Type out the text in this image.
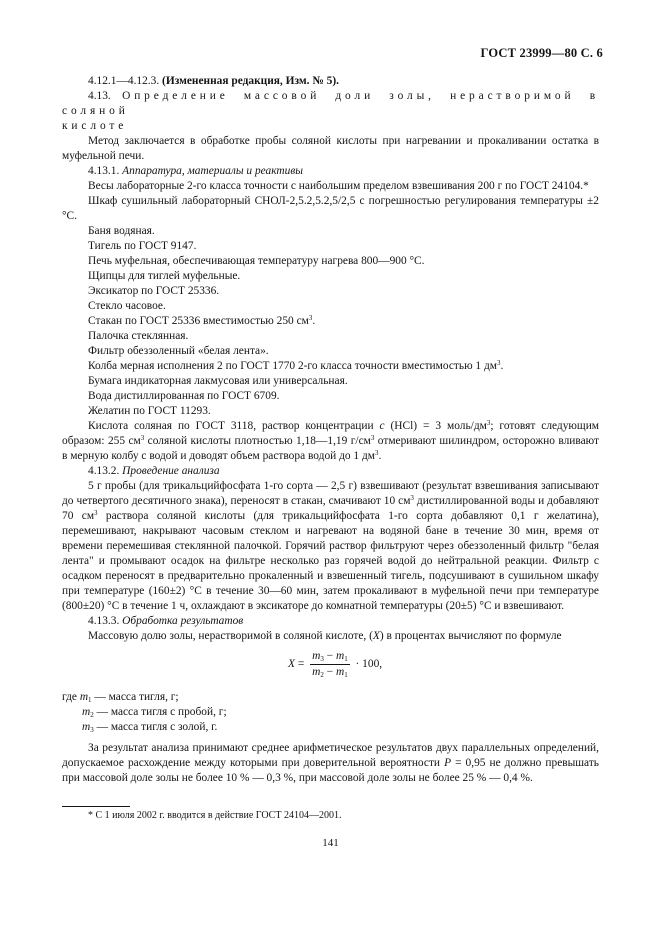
ГОСТ 23999—80 С. 6

4.12.1—4.12.3. (Измененная редакция, Изм. № 5).

4.13. Определение массовой доли золы, нерастворимой в соляной

кислоте

Метод заключается в обработке пробы соляной кислоты при нагревании и прокаливании остатка в муфельной печи.

4.13.1. Аппаратура, материалы и реактивы

Весы лабораторные 2-го класса точности с наибольшим пределом взвешивания 200 г по ГОСТ 24104.*

Шкаф сушильный лабораторный СНОЛ-2,5.2,5.2,5/2,5 с погрешностью регулирования температуры ±2 °С.

Баня водяная.

Тигель по ГОСТ 9147.

Печь муфельная, обеспечивающая температуру нагрева 800—900 °С.

Щипцы для тиглей муфельные.

Эксикатор по ГОСТ 25336.

Стекло часовое.

Стакан по ГОСТ 25336 вместимостью 250 $см^3$.

Палочка стеклянная.

Фильтр обеззоленный «белая лента».

Колба мерная исполнения 2 по ГОСТ 1770 2-го класса точности вместимостью 1 $дм^3$.

Бумага индикаторная лакмусовая или универсальная.

Вода дистиллированная по ГОСТ 6709.

Желатин по ГОСТ 11293.

Кислота соляная по ГОСТ 3118, раствор концентрации c (HCl) = 3 моль/$дм^3$; готовят следующим образом: 255 $см^3$ соляной кислоты плотностью 1,18—1,19 $г/см^3$ отмеривают шилиндром, осторожно вливают в мерную колбу с водой и доводят объем раствора водой до 1 $дм^3$.

4.13.2. Проведение анализа

5 г пробы (для трикальцийфосфата 1-го сорта — 2,5 г) взвешивают (результат взвешивания записывают до четвертого десятичного знака), переносят в стакан, смачивают 10 $см^3$ дистиллированной воды и добавляют 70 $см^3$ раствора соляной кислоты (для трикальцийфосфата 1-го сорта добавляют 0,1 г желатина), перемешивают, накрывают часовым стеклом и нагревают на водяной бане в течение 30 мин, время от времени перемешивая стеклянной палочкой. Горячий раствор фильтруют через обеззоленный фильтр "белая лента" и промывают осадок на фильтре несколько раз горячей водой до нейтральной реакции. Фильтр с осадком переносят в предварительно прокаленный и взвешенный тигель, подсушивают в сушильном шкафу при температуре (160±2) °С в течение 30—60 мин, затем прокаливают в муфельной печи при температуре (800±20) °С в течение 1 ч, охлаждают в эксикаторе до комнатной температуры (20±5) °С и взвешивают.

4.13.3. Обработка результатов

Массовую долю золы, нерастворимой в соляной кислоте, (X) в процентах вычисляют по формуле

$X = \frac{m_3 - m_1}{m_2 - m_1} \cdot 100$,
где $m_1$ — масса тигля, г;
$m_2$ — масса тигля с пробой, г;
$m_3$ — масса тигля с золой, г.

За результат анализа принимают среднее арифметическое результатов двух параллельных определений, допускаемое расхождение между которыми при доверительной вероятности P = 0,95 не должно превышать при массовой доле золы не более 10 % — 0,3 %, при массовой доле золы не более 25 % — 0,4 %.

* С 1 июля 2002 г. вводится в действие ГОСТ 24104—2001.
141
